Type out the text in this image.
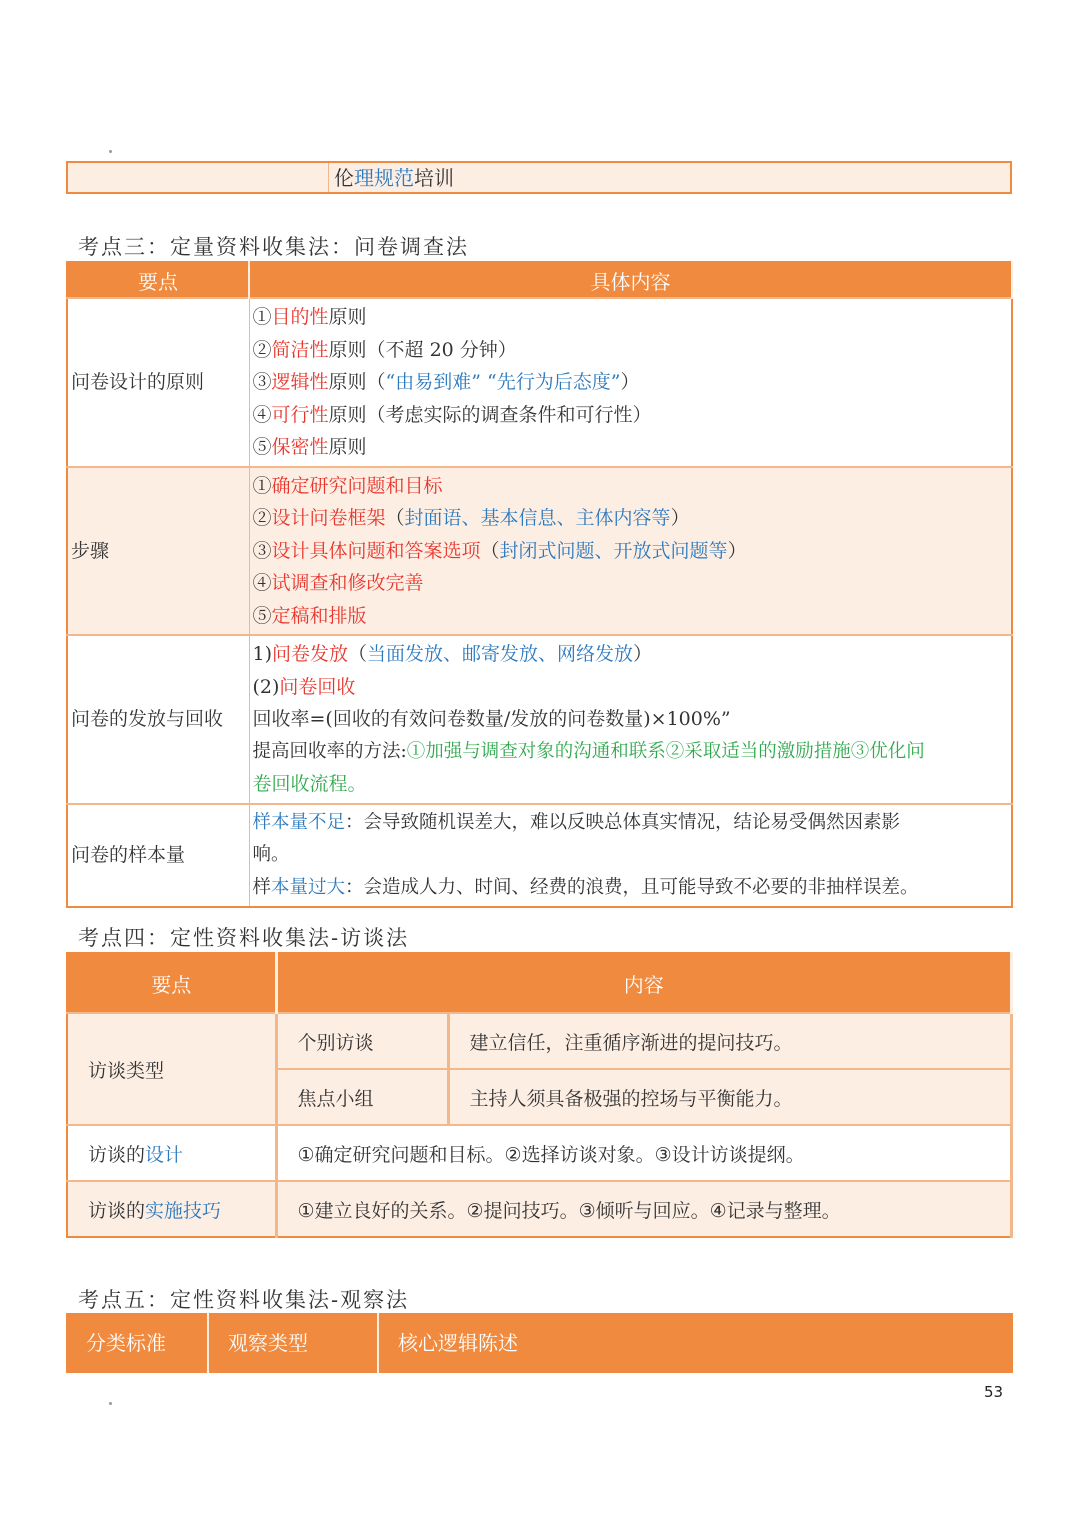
伦理规范培训
考点三：定量资料收集法：问卷调查法
要点	具体内容
问卷设计的原则	①目的性原则
②简洁性原则（不超 20 分钟）
③逻辑性原则（“由易到难” “先行为后态度”）
④可行性原则（考虑实际的调查条件和可行性）
⑤保密性原则

步骤	①确定研究问题和目标
②设计问卷框架（封面语、基本信息、主体内容等）
③设计具体问题和答案选项（封闭式问题、开放式问题等）
④试调查和修改完善
⑤定稿和排版

问卷的发放与回收	1)问卷发放（当面发放、邮寄发放、网络发放）
(2)问卷回收
回收率=(回收的有效问卷数量/发放的问卷数量)×100%”
提高回收率的方法:①加强与调查对象的沟通和联系②采取适当的激励措施③优化问
卷回收流程。

问卷的样本量	样本量不足：会导致随机误差大，难以反映总体真实情况，结论易受偶然因素影
响。
样本量过大：会造成人力、时间、经费的浪费，且可能导致不必要的非抽样误差。
考点四：定性资料收集法-访谈法
要点	内容	
访谈类型	个别访谈	建立信任，注重循序渐进的提问技巧。
	焦点小组	主持人须具备极强的控场与平衡能力。
访谈的设计	①确定研究问题和目标。②选择访谈对象。③设计访谈提纲。	
访谈的实施技巧	①建立良好的关系。②提问技巧。③倾听与回应。④记录与整理。	
考点五：定性资料收集法-观察法
分类标准	观察类型	核心逻辑陈述
53
